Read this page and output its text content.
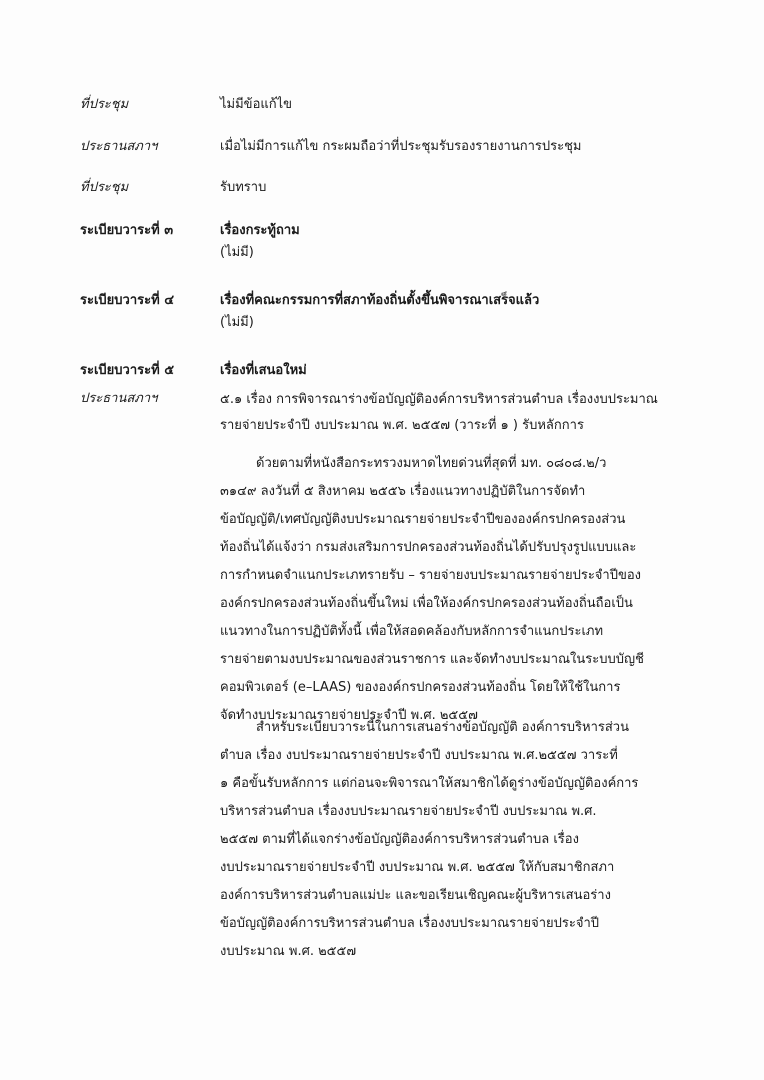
ที่ประชุม	ไม่มีข้อแก้ไข
ประธานสภาฯ	เมื่อไม่มีการแก้ไข กระผมถือว่าที่ประชุมรับรองรายงานการประชุม
ที่ประชุม	รับทราบ
ระเบียบวาระที่ ๓	เรื่องกระทู้ถาม
(ไม่มี)
ระเบียบวาระที่ ๔	เรื่องที่คณะกรรมการที่สภาท้องถิ่นตั้งขึ้นพิจารณาเสร็จแล้ว
(ไม่มี)
ระเบียบวาระที่ ๕	เรื่องที่เสนอใหม่
ประธานสภาฯ	๕.๑ เรื่อง การพิจารณาร่างข้อบัญญัติองค์การบริหารส่วนตำบล เรื่องงบประมาณ
รายจ่ายประจำปี งบประมาณ พ.ศ. ๒๕๕๗ (วาระที่ ๑ ) รับหลักการ
ด้วยตามที่หนังสือกระทรวงมหาดไทยด่วนที่สุดที่ มท. ๐๘๐๘.๒/ว
๓๑๔๙ ลงวันที่ ๕ สิงหาคม ๒๕๕๖ เรื่องแนวทางปฏิบัติในการจัดทำ
ข้อบัญญัติ/เทศบัญญัติงบประมาณรายจ่ายประจำปีขององค์กรปกครองส่วน
ท้องถิ่นได้แจ้งว่า กรมส่งเสริมการปกครองส่วนท้องถิ่นได้ปรับปรุงรูปแบบและ
การกำหนดจำแนกประเภทรายรับ – รายจ่ายงบประมาณรายจ่ายประจำปีของ
องค์กรปกครองส่วนท้องถิ่นขึ้นใหม่ เพื่อให้องค์กรปกครองส่วนท้องถิ่นถือเป็น
แนวทางในการปฏิบัติทั้งนี้ เพื่อให้สอดคล้องกับหลักการจำแนกประเภท
รายจ่ายตามงบประมาณของส่วนราชการ และจัดทำงบประมาณในระบบบัญชี
คอมพิวเตอร์ (e–LAAS) ขององค์กรปกครองส่วนท้องถิ่น โดยให้ใช้ในการ
จัดทำงบประมาณรายจ่ายประจำปี พ.ศ. ๒๕๕๗
สำหรับระเบียบวาระนี้ในการเสนอร่างข้อบัญญัติ องค์การบริหารส่วน
ตำบล เรื่อง งบประมาณรายจ่ายประจำปี งบประมาณ พ.ศ.๒๕๕๗ วาระที่
๑ คือขั้นรับหลักการ แต่ก่อนจะพิจารณาให้สมาชิกได้ดูร่างข้อบัญญัติองค์การ
บริหารส่วนตำบล เรื่องงบประมาณรายจ่ายประจำปี งบประมาณ พ.ศ.
๒๕๕๗ ตามที่ได้แจกร่างข้อบัญญัติองค์การบริหารส่วนตำบล เรื่อง
งบประมาณรายจ่ายประจำปี งบประมาณ พ.ศ. ๒๕๕๗ ให้กับสมาชิกสภา
องค์การบริหารส่วนตำบลแม่ปะ และขอเรียนเชิญคณะผู้บริหารเสนอร่าง
ข้อบัญญัติองค์การบริหารส่วนตำบล เรื่องงบประมาณรายจ่ายประจำปี
งบประมาณ พ.ศ. ๒๕๕๗
